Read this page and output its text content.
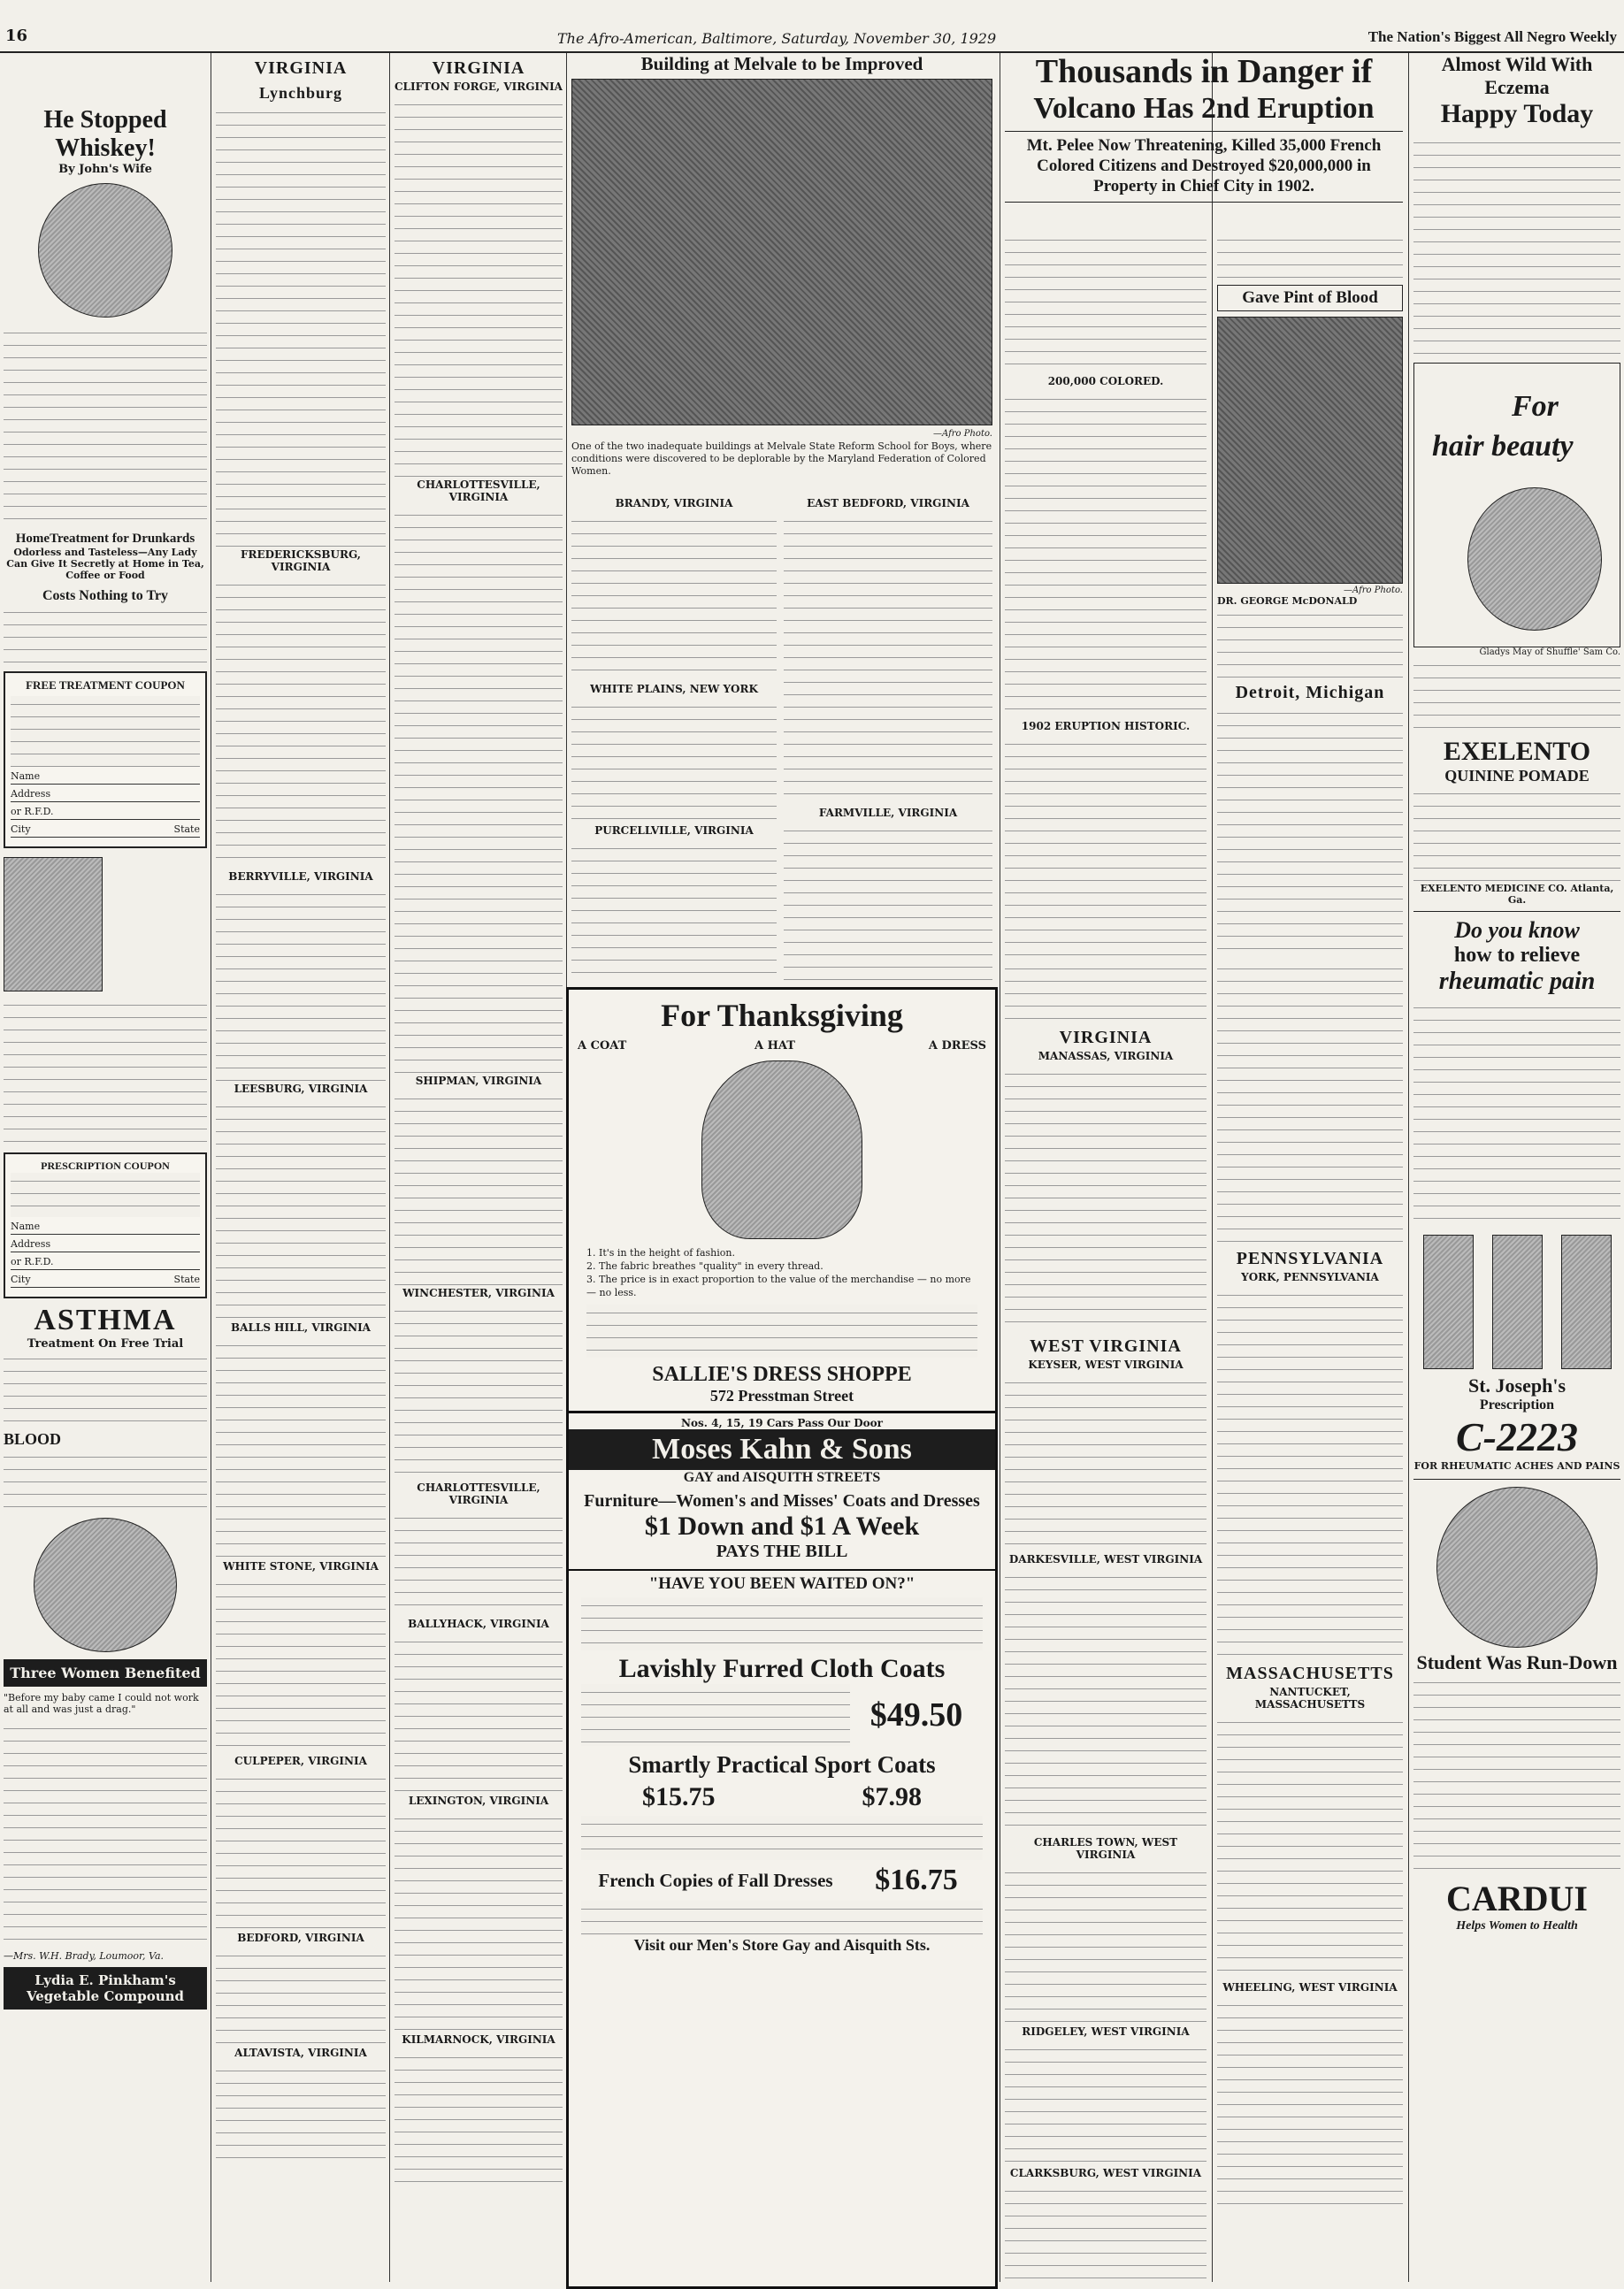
16	The Afro-American, Baltimore, Saturday, November 30, 1929	The Nation's Biggest All Negro Weekly
He Stopped Whiskey!
By John's Wife
HomeTreatment for Drunkards
Odorless and Tasteless—Any Lady Can Give It Secretly at Home in Tea, Coffee or Food
Costs Nothing to Try
FREE TREATMENT COUPON
Name
Address
or R.F.D.
City	State
PRESCRIPTION COUPON
Name
Address
or R.F.D.
City	State
ASTHMA
Treatment On Free Trial
BLOOD
Three Women Benefited
"Before my baby came I could not work at all and was just a drag."
—Mrs. W.H. Brady, Loumoor, Va.
Lydia E. Pinkham's Vegetable Compound
VIRGINIA
Lynchburg
FREDERICKSBURG, VIRGINIA
BERRYVILLE, VIRGINIA
LEESBURG, VIRGINIA
BALLS HILL, VIRGINIA
WHITE STONE, VIRGINIA
CULPEPER, VIRGINIA
BEDFORD, VIRGINIA
ALTAVISTA, VIRGINIA
VIRGINIA
CLIFTON FORGE, VIRGINIA
CHARLOTTESVILLE, VIRGINIA
SHIPMAN, VIRGINIA
WINCHESTER, VIRGINIA
CHARLOTTESVILLE, VIRGINIA
BALLYHACK, VIRGINIA
LEXINGTON, VIRGINIA
KILMARNOCK, VIRGINIA
Building at Melvale to be Improved
—Afro Photo.

One of the two inadequate buildings at Melvale State Reform School for Boys, where conditions were discovered to be deplorable by the Maryland Federation of Colored Women.

BRANDY, VIRGINIA
WHITE PLAINS, NEW YORK
PURCELLVILLE, VIRGINIA
EAST BEDFORD, VIRGINIA
FARMVILLE, VIRGINIA
For Thanksgiving
A COAT	A HAT	A DRESS
1. It's in the height of fashion.
2. The fabric breathes "quality" in every thread.
3. The price is in exact proportion to the value of the merchandise — no more — no less.
SALLIE'S DRESS SHOPPE
572 Presstman Street
Nos. 4, 15, 19 Cars Pass Our Door
Moses Kahn & Sons
GAY and AISQUITH STREETS
Furniture—Women's and Misses' Coats and Dresses
$1 Down and $1 A Week
PAYS THE BILL
"HAVE YOU BEEN WAITED ON?"
Lavishly Furred Cloth Coats
$49.50
Smartly Practical Sport Coats
$15.75	$7.98
French Copies of Fall Dresses	$16.75
Visit our Men's Store Gay and Aisquith Sts.
Thousands in Danger if
Volcano Has 2nd Eruption
Mt. Pelee Now Threatening, Killed 35,000 French Colored Citizens and Destroyed $20,000,000 in Property in Chief City in 1902.
200,000 COLORED.
1902 ERUPTION HISTORIC.
Gave Pint of Blood
—Afro Photo.
DR. GEORGE McDONALD
Detroit, Michigan
VIRGINIA
MANASSAS, VIRGINIA
WEST VIRGINIA
KEYSER, WEST VIRGINIA
DARKESVILLE, WEST VIRGINIA
CHARLES TOWN, WEST VIRGINIA
RIDGELEY, WEST VIRGINIA
CLARKSBURG, WEST VIRGINIA
PENNSYLVANIA
YORK, PENNSYLVANIA
MASSACHUSETTS
NANTUCKET, MASSACHUSETTS
WHEELING, WEST VIRGINIA
Almost Wild With Eczema
Happy Today
For
hair beauty
Gladys May of Shuffle' Sam Co.
EXELENTO
QUININE POMADE
EXELENTO MEDICINE CO. Atlanta, Ga.
Do you know
how to relieve
rheumatic pain
St. Joseph's
Prescription
C-2223
FOR RHEUMATIC ACHES AND PAINS
Student Was Run-Down
CARDUI
Helps Women to Health
